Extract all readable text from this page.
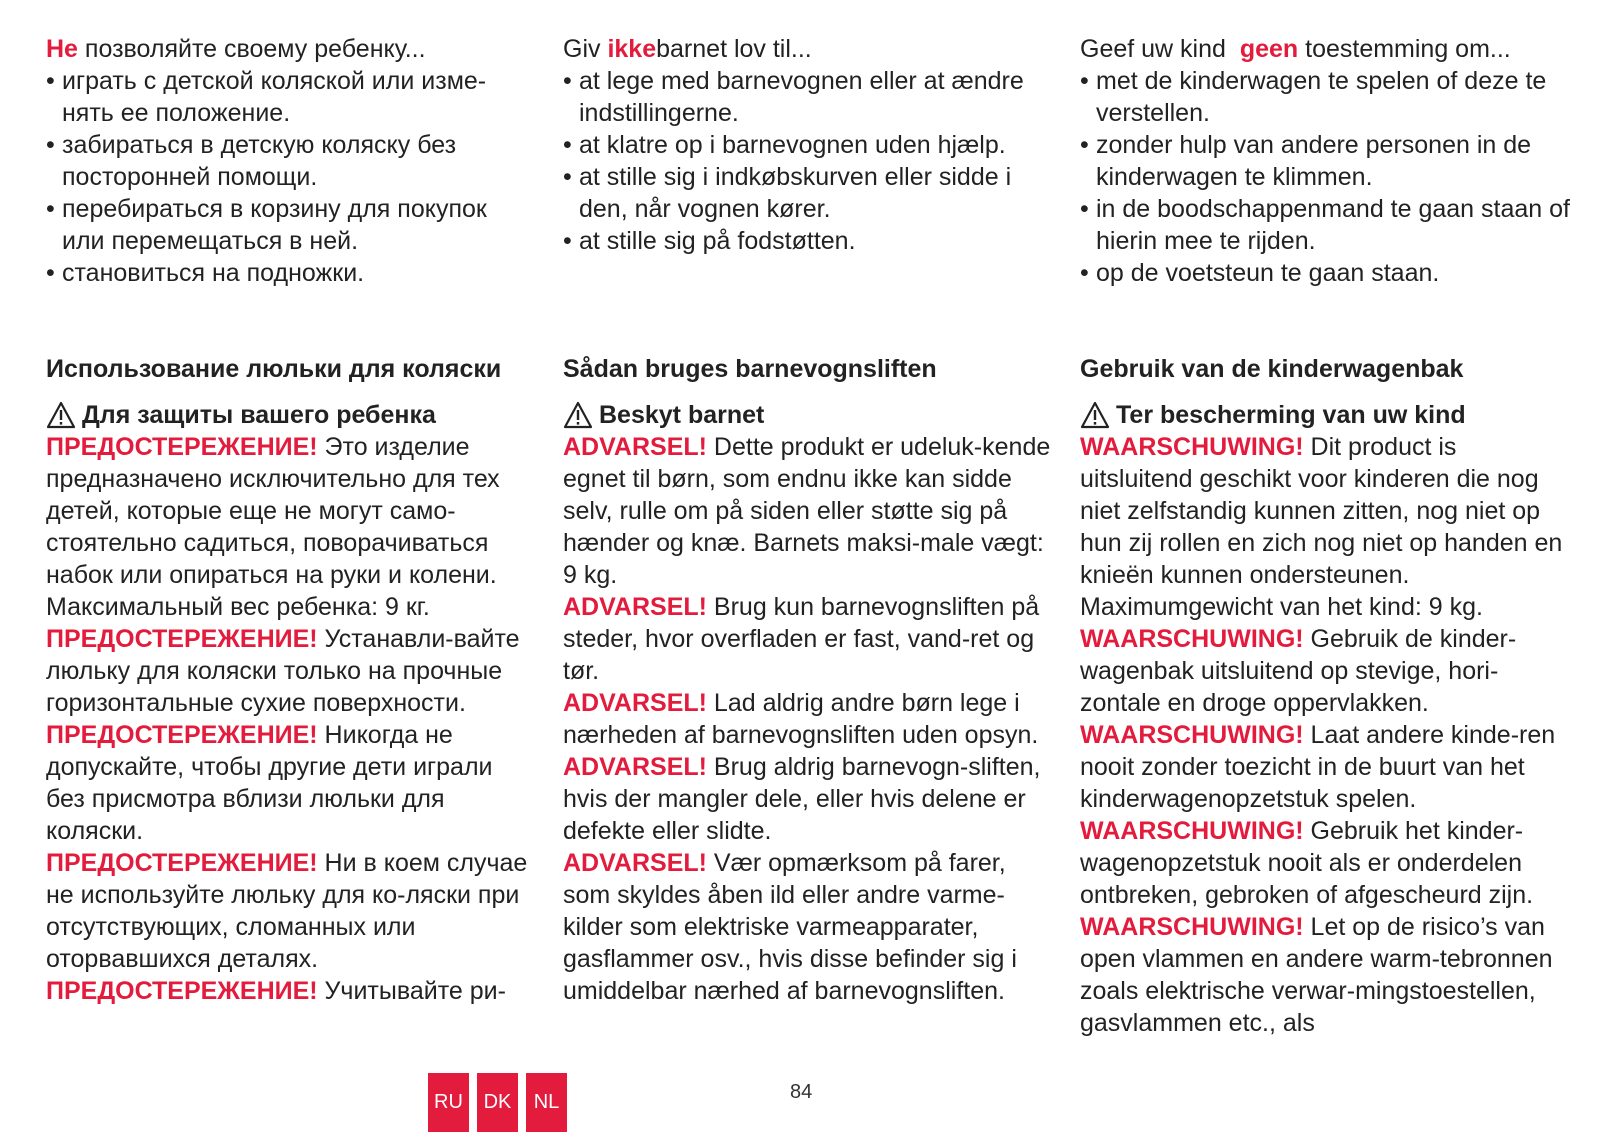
Не позволяйте своему ребенку...

• играть с детской коляской или изме-нять ее положение.
• забираться в детскую коляску без посторонней помощи.
• перебираться в корзину для покупок или перемещаться в ней.
• становиться на подножки.
Использование люльки для коляски
Для защиты вашего ребенка

ПРЕДОСТЕРЕЖЕНИЕ! Это изделие предназначено исключительно для тех детей, которые еще не могут само-стоятельно садиться, поворачиваться набок или опираться на руки и колени. Максимальный вес ребенка: 9 кг.

ПРЕДОСТЕРЕЖЕНИЕ! Устанавли-вайте люльку для коляски только на прочные горизонтальные сухие поверхности.

ПРЕДОСТЕРЕЖЕНИЕ! Никогда не допускайте, чтобы другие дети играли без присмотра вблизи люльки для коляски.

ПРЕДОСТЕРЕЖЕНИЕ! Ни в коем случае не используйте люльку для ко-ляски при отсутствующих, сломанных или оторвавшихся деталях.

ПРЕДОСТЕРЕЖЕНИЕ! Учитывайте ри-

Giv ikkebarnet lov til...

• at lege med barnevognen eller at ændre indstillingerne.
• at klatre op i barnevognen uden hjælp.
• at stille sig i indkøbskurven eller sidde i den, når vognen kører.
• at stille sig på fodstøtten.
Sådan bruges barnevognsliften
Beskyt barnet

ADVARSEL! Dette produkt er udeluk-kende egnet til børn, som endnu ikke kan sidde selv, rulle om på siden eller støtte sig på hænder og knæ. Barnets maksi-male vægt: 9 kg.

ADVARSEL! Brug kun barnevognsliften på steder, hvor overfladen er fast, vand-ret og tør.

ADVARSEL! Lad aldrig andre børn lege i nærheden af barnevognsliften uden opsyn.

ADVARSEL! Brug aldrig barnevogn-sliften, hvis der mangler dele, eller hvis delene er defekte eller slidte.

ADVARSEL! Vær opmærksom på farer, som skyldes åben ild eller andre varme-kilder som elektriske varmeapparater, gasflammer osv., hvis disse befinder sig i umiddelbar nærhed af barnevognsliften.

Geef uw kind  geen toestemming om...

• met de kinderwagen te spelen of deze te verstellen.
• zonder hulp van andere personen in de kinderwagen te klimmen.
• in de boodschappenmand te gaan staan of hierin mee te rijden.
• op de voetsteun te gaan staan.
Gebruik van de kinderwagenbak
Ter bescherming van uw kind

WAARSCHUWING! Dit product is uitsluitend geschikt voor kinderen die nog niet zelfstandig kunnen zitten, nog niet op hun zij rollen en zich nog niet op handen en knieën kunnen ondersteunen. Maximumgewicht van het kind: 9 kg.

WAARSCHUWING! Gebruik de kinder-wagenbak uitsluitend op stevige, hori-zontale en droge oppervlakken.

WAARSCHUWING! Laat andere kinde-ren nooit zonder toezicht in de buurt van het kinderwagenopzetstuk spelen.

WAARSCHUWING! Gebruik het kinder-wagenopzetstuk nooit als er onderdelen ontbreken, gebroken of afgescheurd zijn.

WAARSCHUWING! Let op de risico’s van open vlammen en andere warm-tebronnen zoals elektrische verwar-mingstoestellen, gasvlammen etc., als

RU	DK	NL	84
